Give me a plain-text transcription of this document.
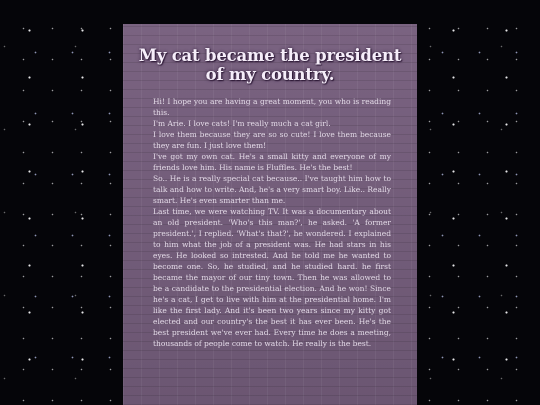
My cat became the president of my country.

Hi! I hope you are having a great moment, you who is reading this.

I'm Arie. I love cats! I'm really much a cat girl.

I love them because they are so so cute! I love them because they are fun. I just love them!

I've got my own cat. He's a small kitty and everyone of my friends love him. His name is Fluffles. He's the best!

So.. He is a really special cat because.. I've taught him how to talk and how to write. And, he's a very smart boy. Like.. Really smart. He's even smarter than me.

Last time, we were watching TV. It was a documentary about an old president. 'Who's this man?', he asked. 'A former president.', I replied. 'What's that?', he wondered. I explained to him what the job of a president was. He had stars in his eyes. He looked so intrested. And he told me he wanted to become one. So, he studied, and he studied hard. he first became the mayor of our tiny town. Then he was allowed to be a candidate to the presidential election. And he won! Since he's a cat, I get to live with him at the presidential home. I'm like the first lady. And it's been two years since my kitty got elected and our country's the best it has ever been. He's the best president we've ever had. Every time he does a meeting, thousands of people come to watch. He really is the best.
